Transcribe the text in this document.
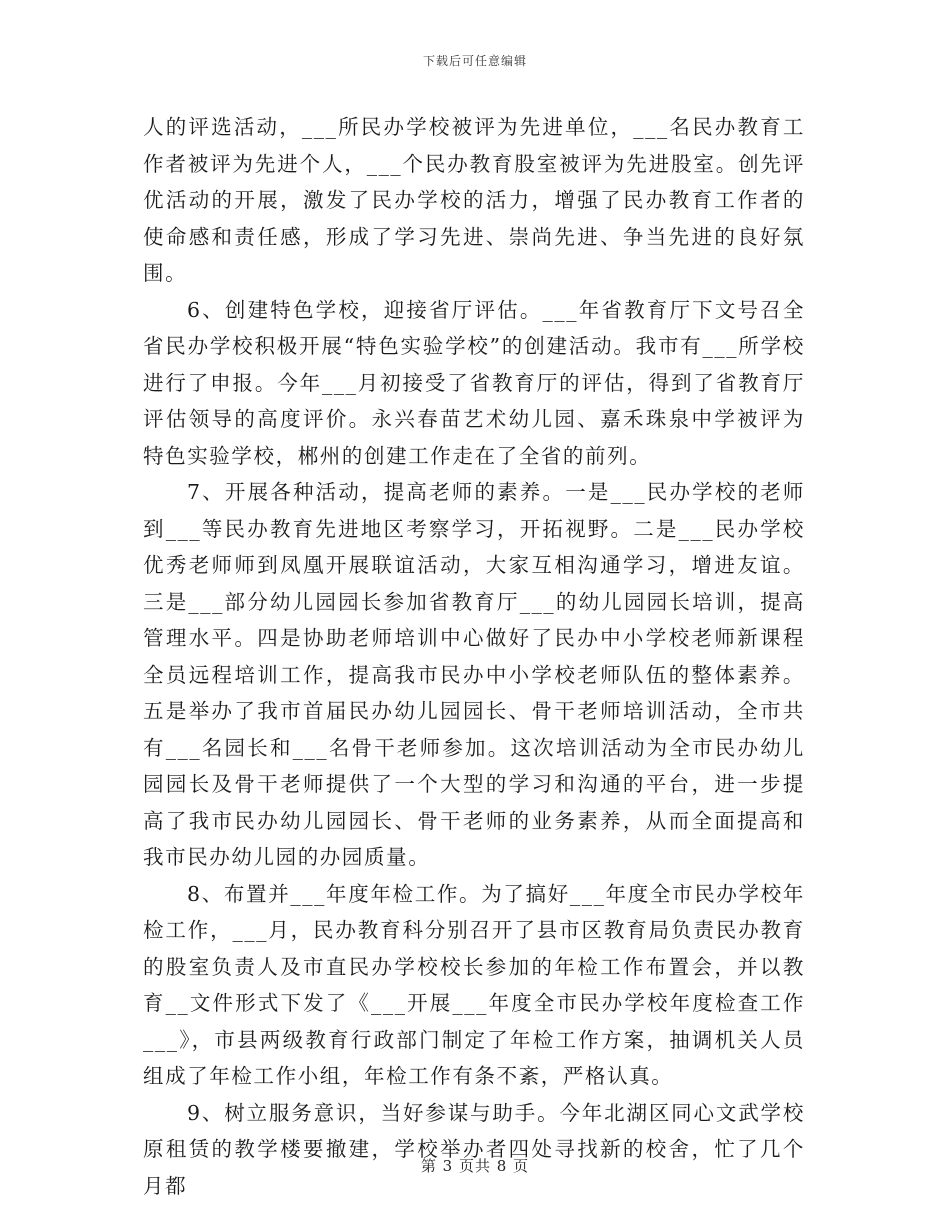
下载后可任意编辑

人的评选活动，___所民办学校被评为先进单位，___名民办教育工作者被评为先进个人，___个民办教育股室被评为先进股室。创先评优活动的开展，激发了民办学校的活力，增强了民办教育工作者的使命感和责任感，形成了学习先进、崇尚先进、争当先进的良好氛围。

6、创建特色学校，迎接省厅评估。___年省教育厅下文号召全省民办学校积极开展“特色实验学校”的创建活动。我市有___所学校进行了申报。今年___月初接受了省教育厅的评估，得到了省教育厅评估领导的高度评价。永兴春苗艺术幼儿园、嘉禾珠泉中学被评为特色实验学校，郴州的创建工作走在了全省的前列。

7、开展各种活动，提高老师的素养。一是___民办学校的老师到___等民办教育先进地区考察学习，开拓视野。二是___民办学校优秀老师师到凤凰开展联谊活动，大家互相沟通学习，增进友谊。三是___部分幼儿园园长参加省教育厅___的幼儿园园长培训，提高管理水平。四是协助老师培训中心做好了民办中小学校老师新课程全员远程培训工作，提高我市民办中小学校老师队伍的整体素养。五是举办了我市首届民办幼儿园园长、骨干老师培训活动，全市共有___名园长和___名骨干老师参加。这次培训活动为全市民办幼儿园园长及骨干老师提供了一个大型的学习和沟通的平台，进一步提高了我市民办幼儿园园长、骨干老师的业务素养，从而全面提高和我市民办幼儿园的办园质量。

8、布置并___年度年检工作。为了搞好___年度全市民办学校年检工作，___月，民办教育科分别召开了县市区教育局负责民办教育的股室负责人及市直民办学校校长参加的年检工作布置会，并以教育__文件形式下发了《___开展___年度全市民办学校年度检查工作___》，市县两级教育行政部门制定了年检工作方案，抽调机关人员组成了年检工作小组，年检工作有条不紊，严格认真。

9、树立服务意识，当好参谋与助手。今年北湖区同心文武学校原租赁的教学楼要撤建，学校举办者四处寻找新的校舍，忙了几个月都

第 3 页共 8 页
